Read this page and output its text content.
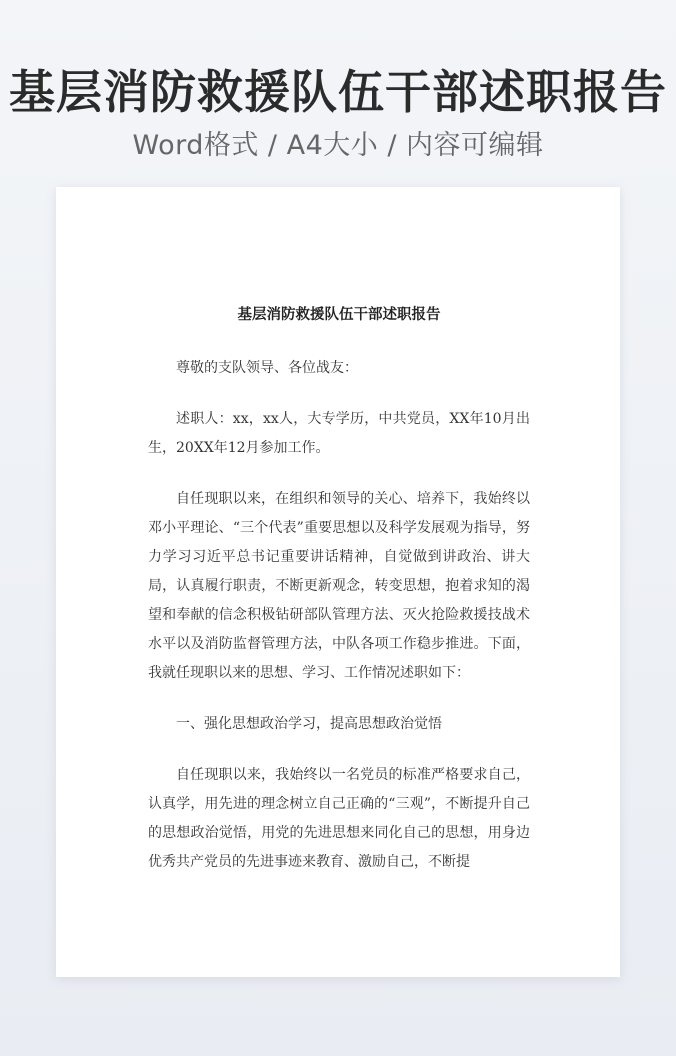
基层消防救援队伍干部述职报告
Word格式 / A4大小 / 内容可编辑
基层消防救援队伍干部述职报告

尊敬的支队领导、各位战友：

述职人：xx，xx人，大专学历，中共党员，XX年10月出生，20XX年12月参加工作。

自任现职以来，在组织和领导的关心、培养下，我始终以邓小平理论、“三个代表”重要思想以及科学发展观为指导，努力学习习近平总书记重要讲话精神，自觉做到讲政治、讲大局，认真履行职责，不断更新观念，转变思想，抱着求知的渴望和奉献的信念积极钻研部队管理方法、灭火抢险救援技战术水平以及消防监督管理方法，中队各项工作稳步推进。下面，我就任现职以来的思想、学习、工作情况述职如下：

一、强化思想政治学习，提高思想政治觉悟

自任现职以来，我始终以一名党员的标准严格要求自己，认真学，用先进的理念树立自己正确的“三观”，不断提升自己的思想政治觉悟，用党的先进思想来同化自己的思想，用身边优秀共产党员的先进事迹来教育、激励自己，不断提
